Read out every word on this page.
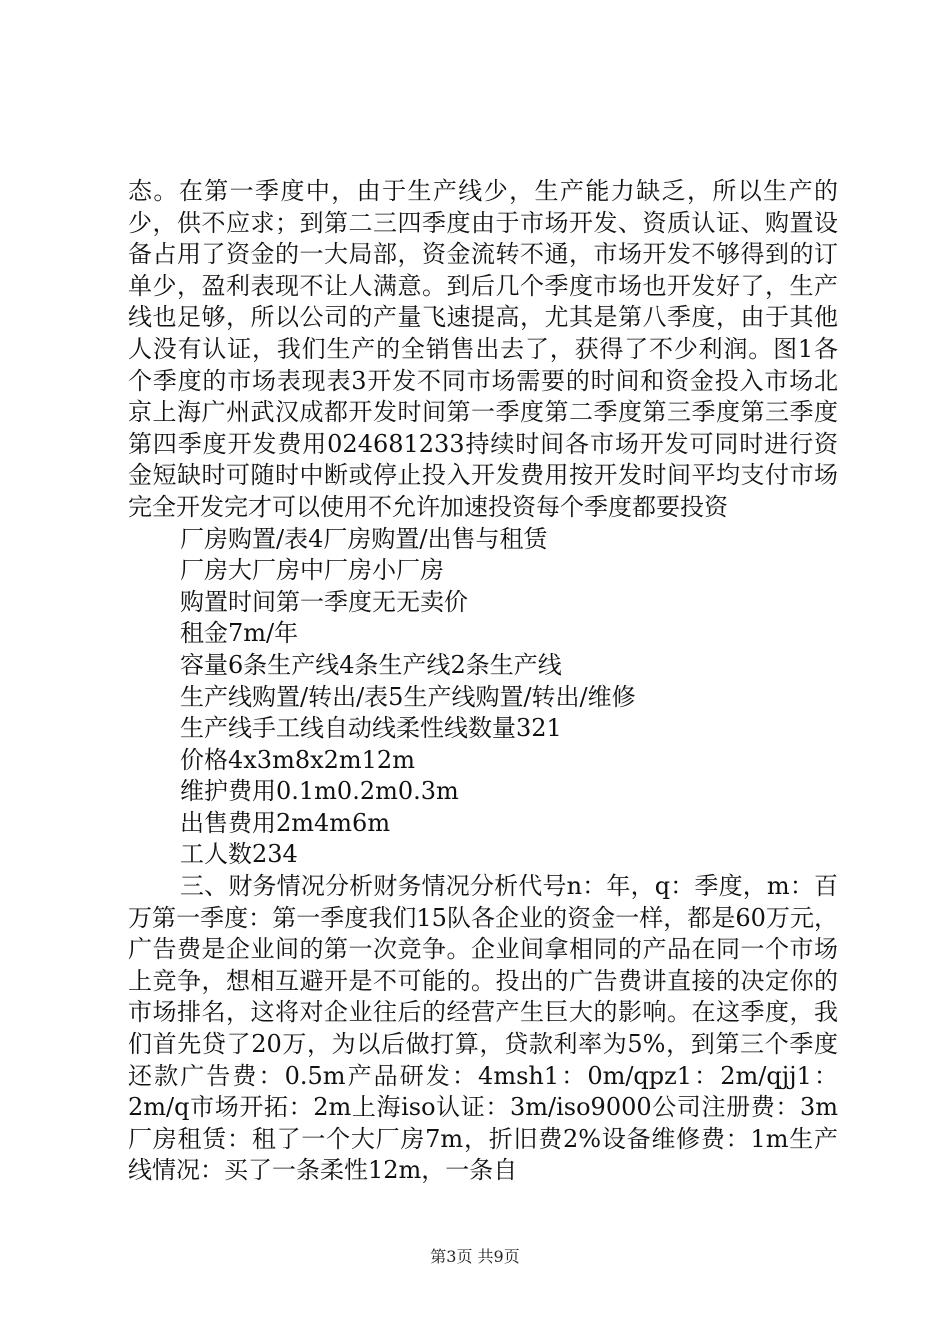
态。在第一季度中，由于生产线少，生产能力缺乏，所以生产的少，供不应求；到第二三四季度由于市场开发、资质认证、购置设备占用了资金的一大局部，资金流转不通，市场开发不够得到的订单少，盈利表现不让人满意。到后几个季度市场也开发好了，生产线也足够，所以公司的产量飞速提高，尤其是第八季度，由于其他人没有认证，我们生产的全销售出去了，获得了不少利润。图1各个季度的市场表现表3开发不同市场需要的时间和资金投入市场北京上海广州武汉成都开发时间第一季度第二季度第三季度第三季度第四季度开发费用024681233持续时间各市场开发可同时进行资金短缺时可随时中断或停止投入开发费用按开发时间平均支付市场完全开发完才可以使用不允许加速投资每个季度都要投资

厂房购置/表4厂房购置/出售与租赁
厂房大厂房中厂房小厂房
购置时间第一季度无无卖价
租金7m/年
容量6条生产线4条生产线2条生产线
生产线购置/转出/表5生产线购置/转出/维修
生产线手工线自动线柔性线数量321
价格4x3m8x2m12m
维护费用0.1m0.2m0.3m
出售费用2m4m6m
工人数234

三、财务情况分析财务情况分析代号n：年，q：季度，m：百万第一季度：第一季度我们15队各企业的资金一样，都是60万元，广告费是企业间的第一次竞争。企业间拿相同的产品在同一个市场上竞争，想相互避开是不可能的。投出的广告费讲直接的决定你的市场排名，这将对企业往后的经营产生巨大的影响。在这季度，我们首先贷了20万，为以后做打算，贷款利率为5%，到第三个季度还款广告费：0.5m产品研发：4msh1：0m/qpz1：2m/qjj1：2m/q市场开拓：2m上海iso认证：3m/iso9000公司注册费：3m厂房租赁：租了一个大厂房7m，折旧费2%设备维修费：1m生产线情况：买了一条柔性12m，一条自

第3页 共9页
